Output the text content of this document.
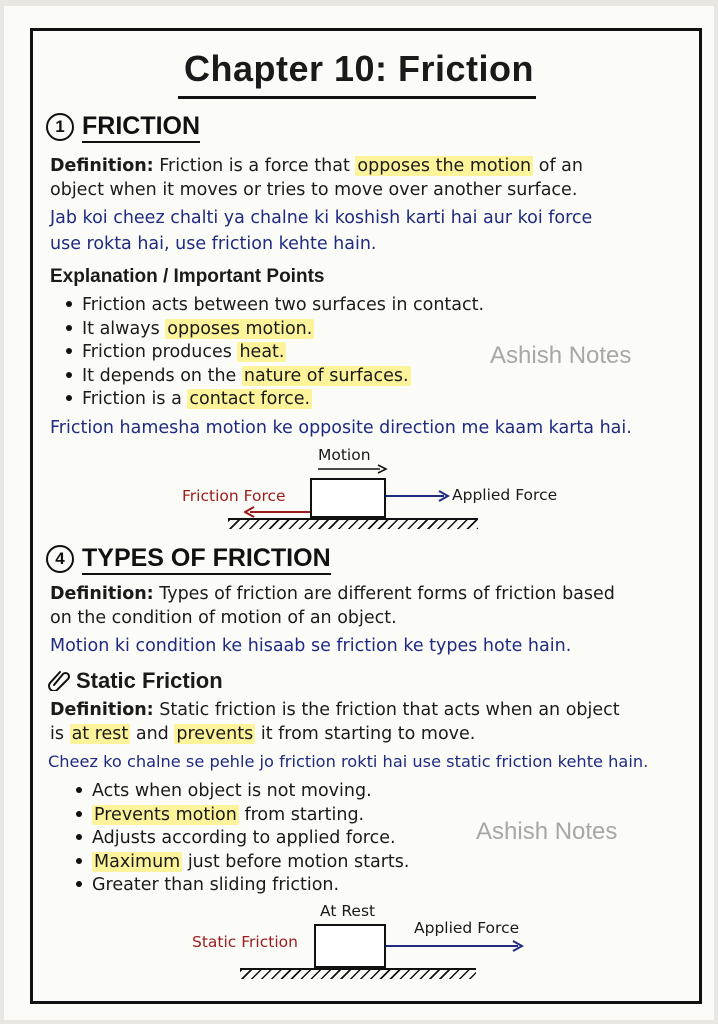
Chapter 10: Friction
1 FRICTION
Definition: Friction is a force that opposes the motion of an
object when it moves or tries to move over another surface.
Jab koi cheez chalti ya chalne ki koshish karti hai aur koi force
use rokta hai, use friction kehte hain.
Explanation / Important Points
Friction acts between two surfaces in contact.
It always opposes motion.
Friction produces heat.
It depends on the nature of surfaces.
Friction is a contact force.
Ashish Notes
Friction hamesha motion ke opposite direction me kaam karta hai.
Motion
Friction Force	Applied Force
4 TYPES OF FRICTION
Definition: Types of friction are different forms of friction based
on the condition of motion of an object.
Motion ki condition ke hisaab se friction ke types hote hain.
Static Friction
Definition: Static friction is the friction that acts when an object
is at rest and prevents it from starting to move.
Cheez ko chalne se pehle jo friction rokti hai use static friction kehte hain.
Acts when object is not moving.
Prevents motion from starting.
Adjusts according to applied force.
Maximum just before motion starts.
Greater than sliding friction.
Ashish Notes
At Rest
Static Friction
Applied Force
